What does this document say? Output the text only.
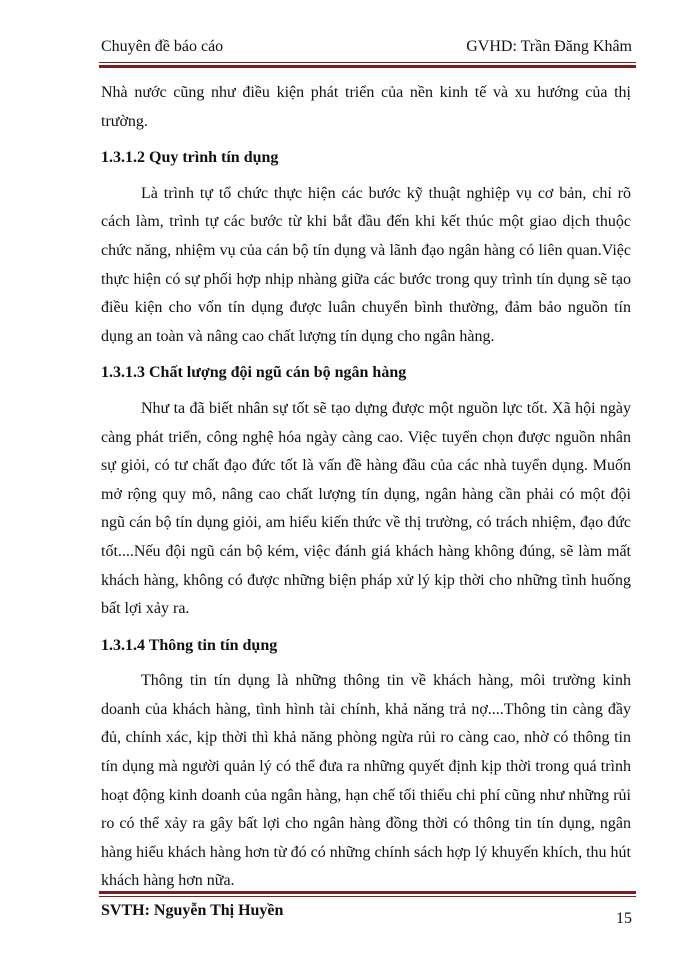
Chuyên đề báo cáo	GVHD: Trần Đăng Khâm

Nhà nước cũng như điều kiện phát triển của nền kinh tế và xu hướng của thị trường.

1.3.1.2 Quy trình tín dụng

Là trình tự tổ chức thực hiện các bước kỹ thuật nghiệp vụ cơ bản, chỉ rõ cách làm, trình tự các bước từ khi bắt đầu đến khi kết thúc một giao dịch thuộc chức năng, nhiệm vụ của cán bộ tín dụng và lãnh đạo ngân hàng có liên quan.Việc thực hiện có sự phối hợp nhịp nhàng giữa các bước trong quy trình tín dụng sẽ tạo điều kiện cho vốn tín dụng được luân chuyển bình thường, đảm bảo nguồn tín dụng an toàn và nâng cao chất lượng tín dụng cho ngân hàng.

1.3.1.3 Chất lượng đội ngũ cán bộ ngân hàng

Như ta đã biết nhân sự tốt sẽ tạo dựng được một nguồn lực tốt. Xã hội ngày càng phát triển, công nghệ hóa ngày càng cao. Việc tuyển chọn được nguồn nhân sự giỏi, có tư chất đạo đức tốt là vấn đề hàng đầu của các nhà tuyển dụng. Muốn mở rộng quy mô, nâng cao chất lượng tín dụng, ngân hàng cần phải có một đội ngũ cán bộ tín dụng giỏi, am hiểu kiến thức về thị trường, có trách nhiệm, đạo đức tốt....Nếu đội ngũ cán bộ kém, việc đánh giá khách hàng không đúng, sẽ làm mất khách hàng, không có được những biện pháp xử lý kịp thời cho những tình huống bất lợi xảy ra.

1.3.1.4 Thông tin tín dụng

Thông tin tín dụng là những thông tin về khách hàng, môi trường kinh doanh của khách hàng, tình hình tài chính, khả năng trả nợ....Thông tin càng đầy đủ, chính xác, kịp thời thì khả năng phòng ngừa rủi ro càng cao, nhờ có thông tin tín dụng mà người quản lý có thể đưa ra những quyết định kịp thời trong quá trình hoạt động kinh doanh của ngân hàng, hạn chế tối thiểu chi phí cũng như những rủi ro có thể xảy ra gây bất lợi cho ngân hàng đồng thời có thông tin tín dụng, ngân hàng hiểu khách hàng hơn từ đó có những chính sách hợp lý khuyến khích, thu hút khách hàng hơn nữa.

SVTH: Nguyễn Thị Huyền	15
